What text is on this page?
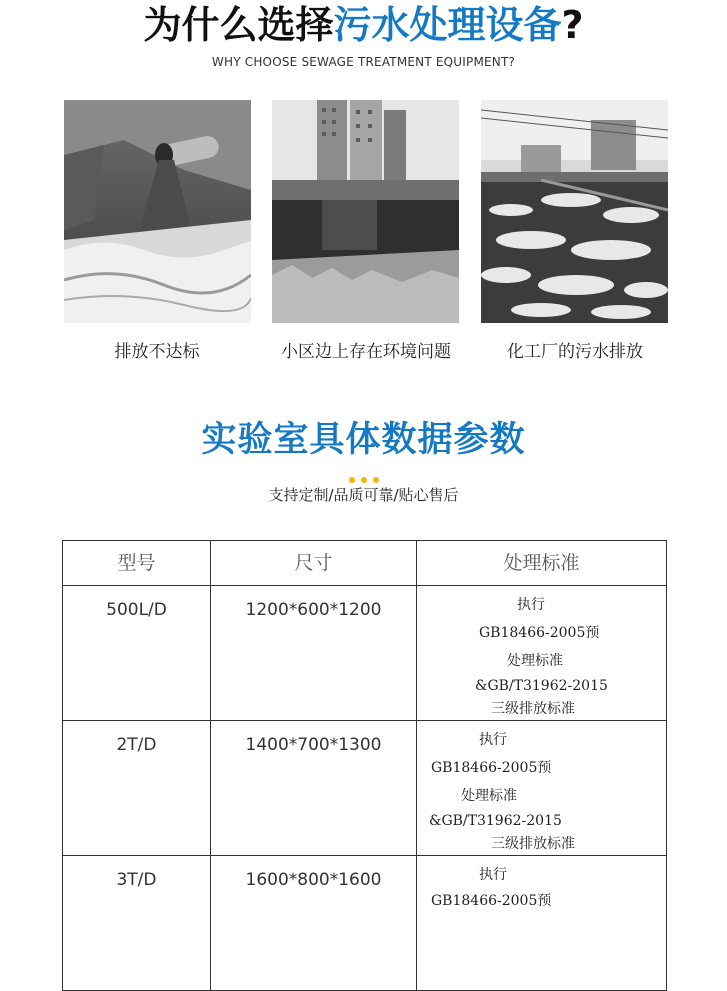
为什么选择污水处理设备?
WHY CHOOSE SEWAGE TREATMENT EQUIPMENT?
排放不达标	小区边上存在环境问题	化工厂的污水排放
实验室具体数据参数
支持定制/品质可靠/贴心售后
型号	尺寸	处理标准
500L/D	1200*600*1200	执行
GB18466-2005预
处理标准
&GB/T31962-2015
三级排放标准
2T/D	1400*700*1300	执行
GB18466-2005预
处理标准
&GB/T31962-2015
三级排放标准
3T/D	1600*800*1600	执行
GB18466-2005预
